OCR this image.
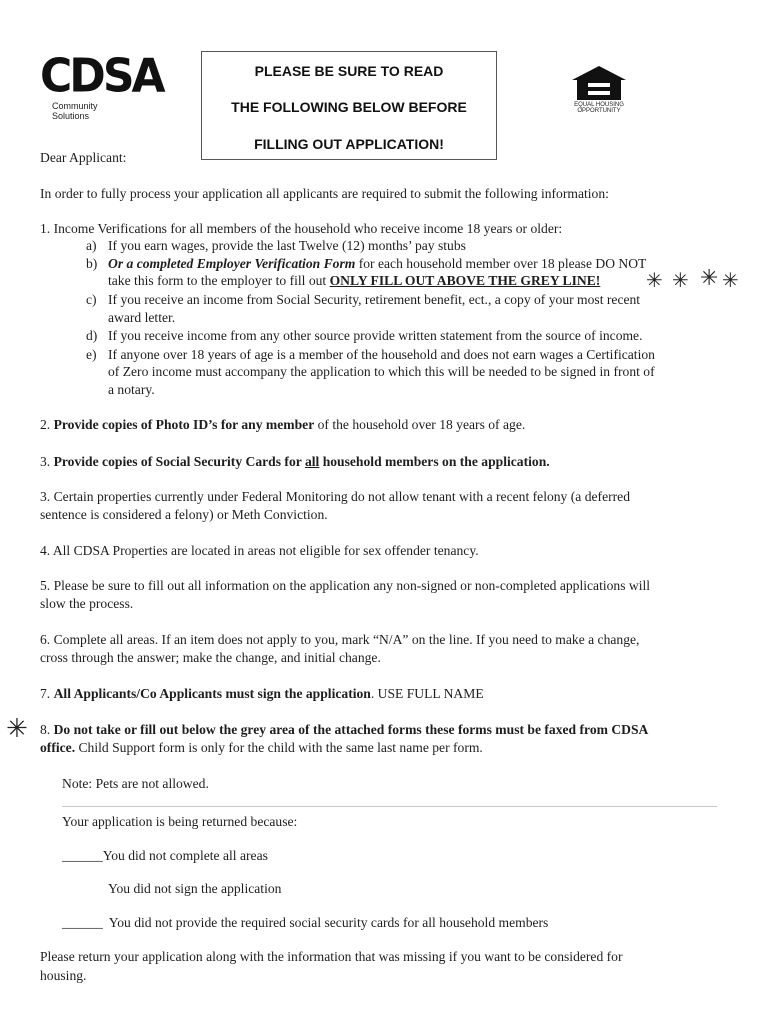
CDSA
Community Solutions
PLEASE BE SURE TO READ
THE FOLLOWING BELOW BEFORE
FILLING OUT APPLICATION!
EQUAL HOUSING OPPORTUNITY
Dear Applicant:
In order to fully process your application all applicants are required to submit the following information:
1. Income Verifications for all members of the household who receive income 18 years or older:
a) If you earn wages, provide the last Twelve (12) months’ pay stubs
b) Or a completed Employer Verification Form for each household member over 18 please DO NOT
take this form to the employer to fill out ONLY FILL OUT ABOVE THE GREY LINE! ✳ ✳ ✳ ✳
c) If you receive an income from Social Security, retirement benefit, ect., a copy of your most recent
award letter.
d) If you receive income from any other source provide written statement from the source of income.
e) If anyone over 18 years of age is a member of the household and does not earn wages a Certification
of Zero income must accompany the application to which this will be needed to be signed in front of
a notary.
2. Provide copies of Photo ID’s for any member of the household over 18 years of age.
3. Provide copies of Social Security Cards for all household members on the application.
3. Certain properties currently under Federal Monitoring do not allow tenant with a recent felony (a deferred
sentence is considered a felony) or Meth Conviction.
4. All CDSA Properties are located in areas not eligible for sex offender tenancy.
5. Please be sure to fill out all information on the application any non-signed or non-completed applications will
slow the process.
6. Complete all areas. If an item does not apply to you, mark “N/A” on the line. If you need to make a change,
cross through the answer; make the change, and initial change.
7. All Applicants/Co Applicants must sign the application. USE FULL NAME
✳ 8. Do not take or fill out below the grey area of the attached forms these forms must be faxed from CDSA
office. Child Support form is only for the child with the same last name per form.
Note: Pets are not allowed.
Your application is being returned because:
______You did not complete all areas
You did not sign the application
______ You did not provide the required social security cards for all household members
Please return your application along with the information that was missing if you want to be considered for
housing.
